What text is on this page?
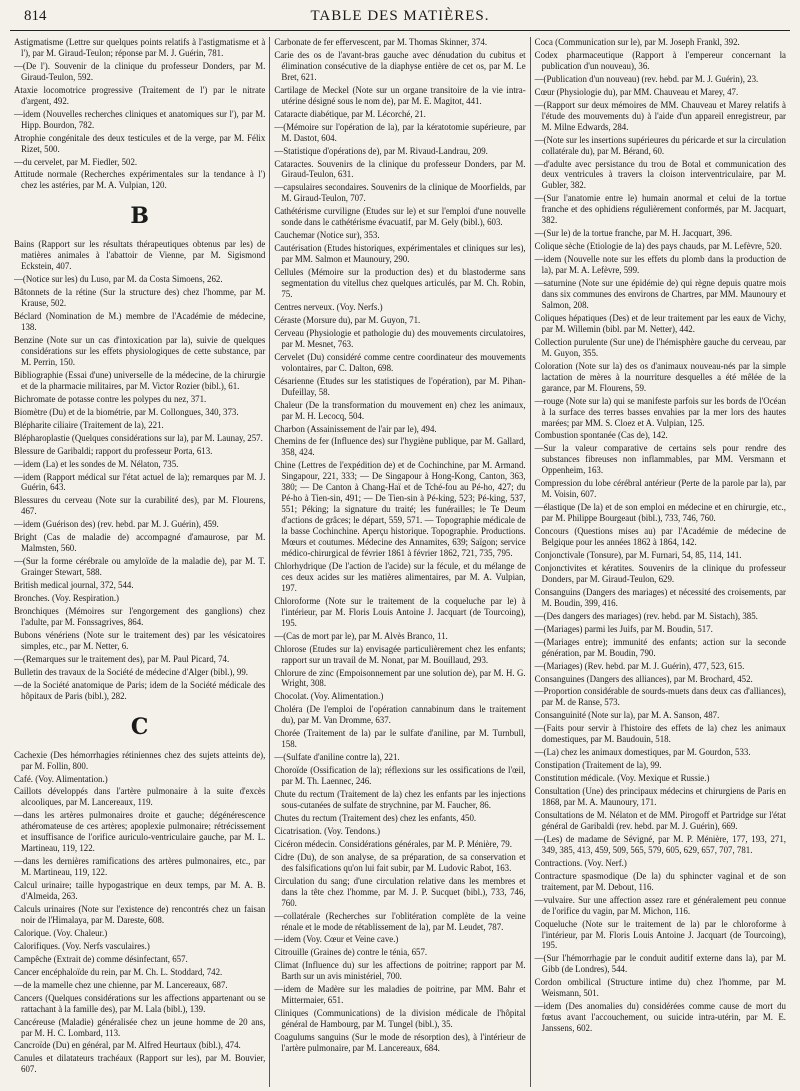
814	TABLE DES MATIÈRES.

Astigmatisme (Lettre sur quelques points relatifs à l'astigmatisme et à l'), par M. Giraud-Teulon; réponse par M. J. Guérin, 781.

—(De l'). Souvenir de la clinique du professeur Donders, par M. Giraud-Teulon, 592.

Ataxie locomotrice progressive (Traitement de l') par le nitrate d'argent, 492.

—idem (Nouvelles recherches cliniques et anatomiques sur l'), par M. Hipp. Bourdon, 782.

Atrophie congénitale des deux testicules et de la verge, par M. Félix Rizet, 500.

—du cervelet, par M. Fiedler, 502.

Attitude normale (Recherches expérimentales sur la tendance à l') chez les astéries, par M. A. Vulpian, 120.

B

Bains (Rapport sur les résultats thérapeutiques obtenus par les) de matières animales à l'abattoir de Vienne, par M. Sigismond Eckstein, 407.

—(Notice sur les) du Luso, par M. da Costa Simoens, 262.

Bâtonnets de la rétine (Sur la structure des) chez l'homme, par M. Krause, 502.

Béclard (Nomination de M.) membre de l'Académie de médecine, 138.

Benzine (Note sur un cas d'intoxication par la), suivie de quelques considérations sur les effets physiologiques de cette substance, par M. Perrin, 150.

Bibliographie (Essai d'une) universelle de la médecine, de la chirurgie et de la pharmacie militaires, par M. Victor Rozier (bibl.), 61.

Bichromate de potasse contre les polypes du nez, 371.

Biomètre (Du) et de la biométrie, par M. Collongues, 340, 373.

Blépharite ciliaire (Traitement de la), 221.

Blépharoplastie (Quelques considérations sur la), par M. Launay, 257.

Blessure de Garibaldi; rapport du professeur Porta, 613.

—idem (La) et les sondes de M. Nélaton, 735.

—idem (Rapport médical sur l'état actuel de la); remarques par M. J. Guérin, 643.

Blessures du cerveau (Note sur la curabilité des), par M. Flourens, 467.

—idem (Guérison des) (rev. hebd. par M. J. Guérin), 459.

Bright (Cas de maladie de) accompagné d'amaurose, par M. Malmsten, 560.

—(Sur la forme cérébrale ou amyloïde de la maladie de), par M. T. Grainger Stewart, 588.

British medical journal, 372, 544.

Bronches. (Voy. Respiration.)

Bronchiques (Mémoires sur l'engorgement des ganglions) chez l'adulte, par M. Fonssagrives, 864.

Bubons vénériens (Note sur le traitement des) par les vésicatoires simples, etc., par M. Netter, 6.

—(Remarques sur le traitement des), par M. Paul Picard, 74.

Bulletin des travaux de la Société de médecine d'Alger (bibl.), 99.

—de la Société anatomique de Paris; idem de la Société médicale des hôpitaux de Paris (bibl.), 282.

C

Cachexie (Des hémorrhagies rétiniennes chez des sujets atteints de), par M. Follin, 800.

Café. (Voy. Alimentation.)

Caillots développés dans l'artère pulmonaire à la suite d'excès alcooliques, par M. Lancereaux, 119.

—dans les artères pulmonaires droite et gauche; dégénérescence athéromateuse de ces artères; apoplexie pulmonaire; rétrécissement et insuffisance de l'orifice auriculo-ventriculaire gauche, par M. L. Martineau, 119, 122.

—dans les dernières ramifications des artères pulmonaires, etc., par M. Martineau, 119, 122.

Calcul urinaire; taille hypogastrique en deux temps, par M. A. B. d'Almeida, 263.

Calculs urinaires (Note sur l'existence de) rencontrés chez un faisan noir de l'Himalaya, par M. Dareste, 608.

Calorique. (Voy. Chaleur.)

Calorifiques. (Voy. Nerfs vasculaires.)

Campêche (Extrait de) comme désinfectant, 657.

Cancer encéphaloïde du rein, par M. Ch. L. Stoddard, 742.

—de la mamelle chez une chienne, par M. Lancereaux, 687.

Cancers (Quelques considérations sur les affections appartenant ou se rattachant à la famille des), par M. Lala (bibl.), 139.

Cancéreuse (Maladie) généralisée chez un jeune homme de 20 ans, par M. H. C. Lombard, 113.

Cancroïde (Du) en général, par M. Alfred Heurtaux (bibl.), 474.

Canules et dilatateurs trachéaux (Rapport sur les), par M. Bouvier, 607.

Carbonate de fer effervescent, par M. Thomas Skinner, 374.

Carie des os de l'avant-bras gauche avec dénudation du cubitus et élimination consécutive de la diaphyse entière de cet os, par M. Le Bret, 621.

Cartilage de Meckel (Note sur un organe transitoire de la vie intra-utérine désigné sous le nom de), par M. E. Magitot, 441.

Cataracte diabétique, par M. Lécorché, 21.

—(Mémoire sur l'opération de la), par la kératotomie supérieure, par M. Dastot, 604.

—Statistique d'opérations de), par M. Rivaud-Landrau, 209.

Cataractes. Souvenirs de la clinique du professeur Donders, par M. Giraud-Teulon, 631.

—capsulaires secondaires. Souvenirs de la clinique de Moorfields, par M. Giraud-Teulon, 707.

Cathétérisme curviligne (Etudes sur le) et sur l'emploi d'une nouvelle sonde dans le cathétérisme évacuatif, par M. Gely (bibl.), 603.

Cauchemar (Notice sur), 353.

Cautérisation (Etudes historiques, expérimentales et cliniques sur les), par MM. Salmon et Maunoury, 290.

Cellules (Mémoire sur la production des) et du blastoderme sans segmentation du vitellus chez quelques articulés, par M. Ch. Robin, 75.

Centres nerveux. (Voy. Nerfs.)

Céraste (Morsure du), par M. Guyon, 71.

Cerveau (Physiologie et pathologie du) des mouvements circulatoires, par M. Mesnet, 763.

Cervelet (Du) considéré comme centre coordinateur des mouvements volontaires, par C. Dalton, 698.

Césarienne (Etudes sur les statistiques de l'opération), par M. Pihan-Dufeillay, 58.

Chaleur (De la transformation du mouvement en) chez les animaux, par M. H. Lecocq, 504.

Charbon (Assainissement de l'air par le), 494.

Chemins de fer (Influence des) sur l'hygiène publique, par M. Gallard, 358, 424.

Chine (Lettres de l'expédition de) et de Cochinchine, par M. Armand. Singapour, 221, 333; — De Singapour à Hong-Kong, Canton, 363, 380; — De Canton à Chang-Haï et de Tché-fou au Pé-ho, 427; du Pé-ho à Tien-sin, 491; — De Tien-sin à Pé-king, 523; Pé-king, 537, 551; Péking; la signature du traité; les funérailles; le Te Deum d'actions de grâces; le départ, 559, 571. — Topographie médicale de la basse Cochinchine. Aperçu historique. Topographie. Productions. Mœurs et coutumes. Médecine des Annamites, 639; Saïgon; service médico-chirurgical de février 1861 à février 1862, 721, 735, 795.

Chlorhydrique (De l'action de l'acide) sur la fécule, et du mélange de ces deux acides sur les matières alimentaires, par M. A. Vulpian, 197.

Chloroforme (Note sur le traitement de la coqueluche par le) à l'intérieur, par M. Floris Louis Antoine J. Jacquart (de Tourcoing), 195.

—(Cas de mort par le), par M. Alvès Branco, 11.

Chlorose (Etudes sur la) envisagée particulièrement chez les enfants; rapport sur un travail de M. Nonat, par M. Bouillaud, 293.

Chlorure de zinc (Empoisonnement par une solution de), par M. H. G. Wright, 308.

Chocolat. (Voy. Alimentation.)

Choléra (De l'emploi de l'opération cannabinum dans le traitement du), par M. Van Dromme, 637.

Chorée (Traitement de la) par le sulfate d'aniline, par M. Turnbull, 158.

—(Sulfate d'aniline contre la), 221.

Choroïde (Ossification de la); réflexions sur les ossifications de l'œil, par M. Th. Laennec, 246.

Chute du rectum (Traitement de la) chez les enfants par les injections sous-cutanées de sulfate de strychnine, par M. Faucher, 86.

Chutes du rectum (Traitement des) chez les enfants, 450.

Cicatrisation. (Voy. Tendons.)

Cicéron médecin. Considérations générales, par M. P. Ménière, 79.

Cidre (Du), de son analyse, de sa préparation, de sa conservation et des falsifications qu'on lui fait subir, par M. Ludovic Rabot, 163.

Circulation du sang; d'une circulation relative dans les membres et dans la tête chez l'homme, par M. J. P. Sucquet (bibl.), 733, 746, 760.

—collatérale (Recherches sur l'oblitération complète de la veine rénale et le mode de rétablissement de la), par M. Leudet, 787.

—idem (Voy. Cœur et Veine cave.)

Citrouille (Graines de) contre le ténia, 657.

Climat (Influence du) sur les affections de poitrine; rapport par M. Barth sur un avis ministériel, 700.

—idem de Madère sur les maladies de poitrine, par MM. Bahr et Mittermaier, 651.

Cliniques (Communications) de la division médicale de l'hôpital général de Hambourg, par M. Tungel (bibl.), 35.

Coagulums sanguins (Sur le mode de résorption des), à l'intérieur de l'artère pulmonaire, par M. Lancereaux, 684.

Coca (Communication sur le), par M. Joseph Frankl, 392.

Codex pharmaceutique (Rapport à l'empereur concernant la publication d'un nouveau), 36.

—(Publication d'un nouveau) (rev. hebd. par M. J. Guérin), 23.

Cœur (Physiologie du), par MM. Chauveau et Marey, 47.

—(Rapport sur deux mémoires de MM. Chauveau et Marey relatifs à l'étude des mouvements du) à l'aide d'un appareil enregistreur, par M. Milne Edwards, 284.

—(Note sur les insertions supérieures du péricarde et sur la circulation collatérale du), par M. Bérand, 60.

—d'adulte avec persistance du trou de Botal et communication des deux ventricules à travers la cloison interventriculaire, par M. Gubler, 382.

—(Sur l'anatomie entre le) humain anormal et celui de la tortue franche et des ophidiens régulièrement conformés, par M. Jacquart, 382.

—(Sur le) de la tortue franche, par M. H. Jacquart, 396.

Colique sèche (Etiologie de la) des pays chauds, par M. Lefèvre, 520.

—idem (Nouvelle note sur les effets du plomb dans la production de la), par M. A. Lefèvre, 599.

—saturnine (Note sur une épidémie de) qui règne depuis quatre mois dans six communes des environs de Chartres, par MM. Maunoury et Salmon, 208.

Coliques hépatiques (Des) et de leur traitement par les eaux de Vichy, par M. Willemin (bibl. par M. Netter), 442.

Collection purulente (Sur une) de l'hémisphère gauche du cerveau, par M. Guyon, 355.

Coloration (Note sur la) des os d'animaux nouveau-nés par la simple lactation de mères à la nourriture desquelles a été mêlée de la garance, par M. Flourens, 59.

—rouge (Note sur la) qui se manifeste parfois sur les bords de l'Océan à la surface des terres basses envahies par la mer lors des hautes marées; par MM. S. Cloez et A. Vulpian, 125.

Combustion spontanée (Cas de), 142.

—Sur la valeur comparative de certains sels pour rendre des substances fibreuses non inflammables, par MM. Versmann et Oppenheim, 163.

Compression du lobe cérébral antérieur (Perte de la parole par la), par M. Voisin, 607.

—élastique (De la) et de son emploi en médecine et en chirurgie, etc., par M. Philippe Bourgeaut (bibl.), 733, 746, 760.

Concours (Questions mises au) par l'Académie de médecine de Belgique pour les années 1862 à 1864, 142.

Conjonctivale (Tonsure), par M. Furnari, 54, 85, 114, 141.

Conjonctivites et kératites. Souvenirs de la clinique du professeur Donders, par M. Giraud-Teulon, 629.

Consanguins (Dangers des mariages) et nécessité des croisements, par M. Boudin, 399, 416.

—(Des dangers des mariages) (rev. hebd. par M. Sistach), 385.

—(Mariages) parmi les Juifs, par M. Boudin, 517.

—(Mariages entre); immunité des enfants; action sur la seconde génération, par M. Boudin, 790.

—(Mariages) (Rev. hebd. par M. J. Guérin), 477, 523, 615.

Consanguines (Dangers des alliances), par M. Brochard, 452.

—Proportion considérable de sourds-muets dans deux cas d'alliances), par M. de Ranse, 573.

Consanguinité (Note sur la), par M. A. Sanson, 487.

—(Faits pour servir à l'histoire des effets de la) chez les animaux domestiques, par M. Baudouin, 518.

—(La) chez les animaux domestiques, par M. Gourdon, 533.

Constipation (Traitement de la), 99.

Constitution médicale. (Voy. Mexique et Russie.)

Consultation (Une) des principaux médecins et chirurgiens de Paris en 1868, par M. A. Maunoury, 171.

Consultations de M. Nélaton et de MM. Pirogoff et Partridge sur l'état général de Garibaldi (rev. hebd. par M. J. Guérin), 669.

—(Les) de madame de Sévigné, par M. P. Ménière, 177, 193, 271, 349, 385, 413, 459, 509, 565, 579, 605, 629, 657, 707, 781.

Contractions. (Voy. Nerf.)

Contracture spasmodique (De la) du sphincter vaginal et de son traitement, par M. Debout, 116.

—vulvaire. Sur une affection assez rare et généralement peu connue de l'orifice du vagin, par M. Michon, 116.

Coqueluche (Note sur le traitement de la) par le chloroforme à l'intérieur, par M. Floris Louis Antoine J. Jacquart (de Tourcoing), 195.

—(Sur l'hémorrhagie par le conduit auditif externe dans la), par M. Gibb (de Londres), 544.

Cordon ombilical (Structure intime du) chez l'homme, par M. Weismann, 501.

—idem (Des anomalies du) considérées comme cause de mort du fœtus avant l'accouchement, ou suicide intra-utérin, par M. E. Janssens, 602.
